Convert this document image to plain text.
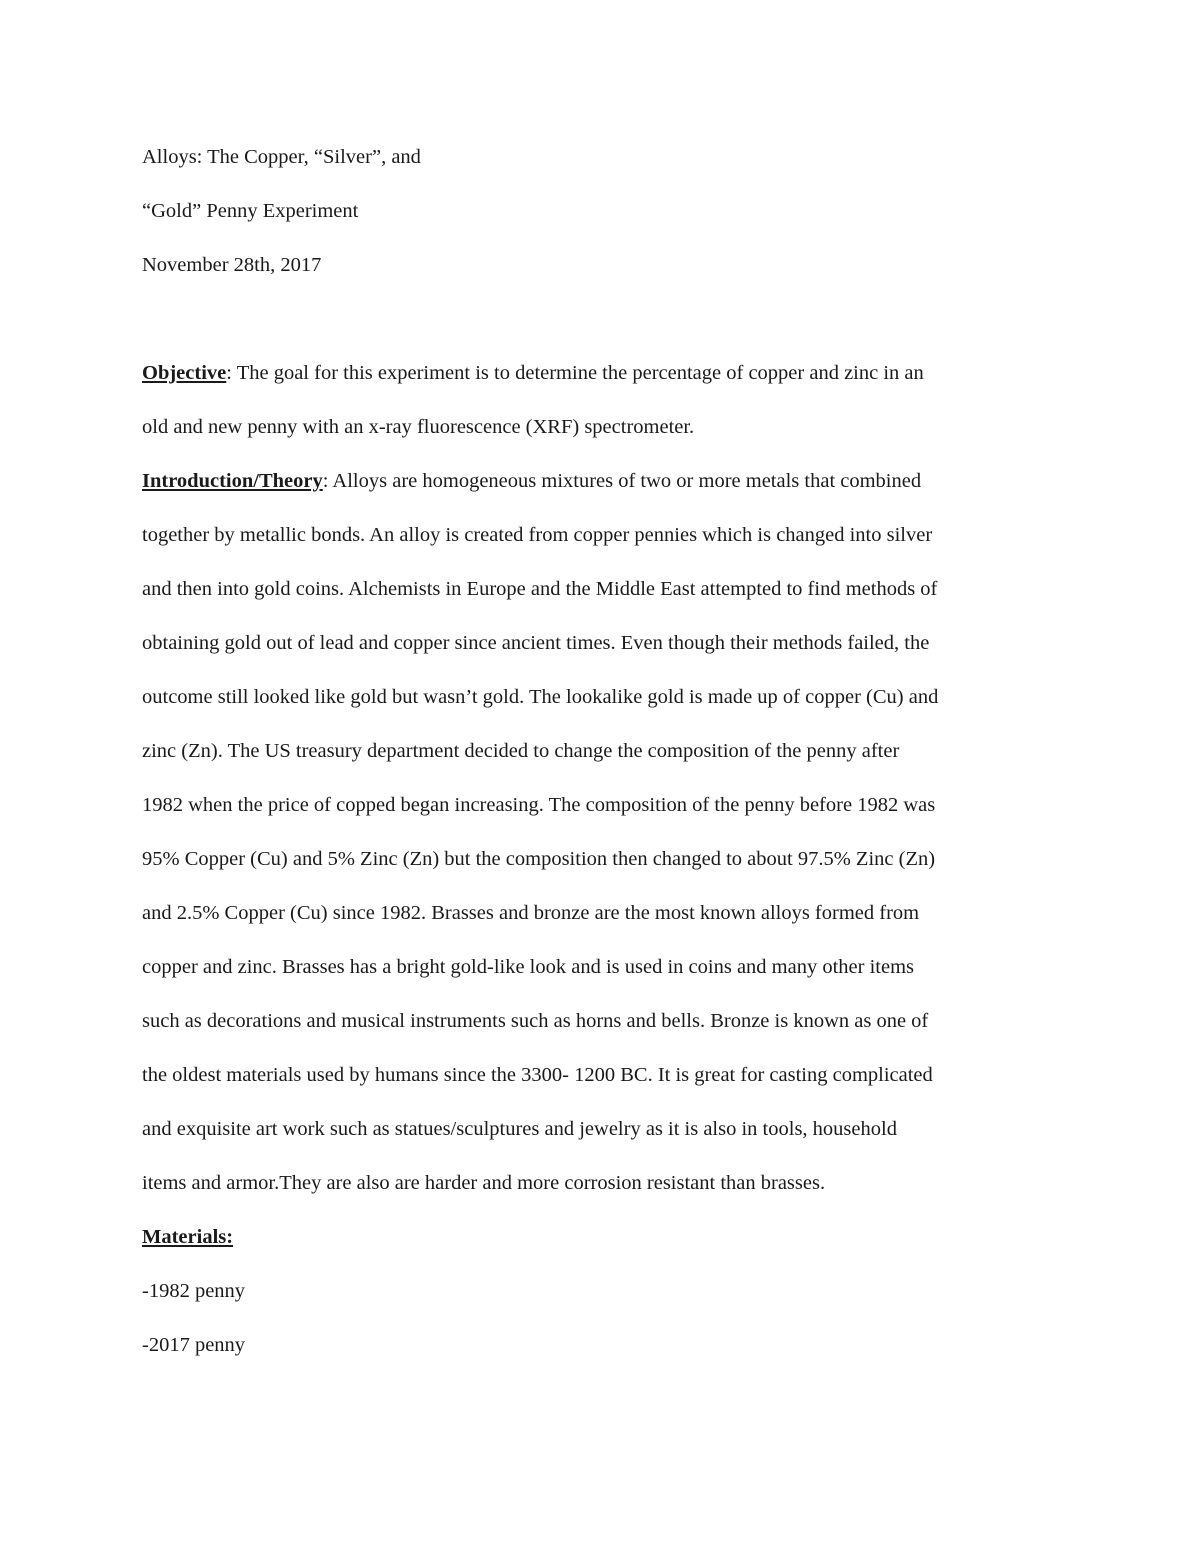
Alloys: The Copper, “Silver”, and
“Gold” Penny Experiment
November 28th, 2017
Objective: The goal for this experiment is to determine the percentage of copper and zinc in an
old and new penny with an x-ray fluorescence (XRF) spectrometer.
Introduction/Theory: Alloys are homogeneous mixtures of two or more metals that combined
together by metallic bonds. An alloy is created from copper pennies which is changed into silver
and then into gold coins. Alchemists in Europe and the Middle East attempted to find methods of
obtaining gold out of lead and copper since ancient times. Even though their methods failed, the
outcome still looked like gold but wasn’t gold. The lookalike gold is made up of copper (Cu) and
zinc (Zn). The US treasury department decided to change the composition of the penny after
1982 when the price of copped began increasing. The composition of the penny before 1982 was
95% Copper (Cu) and 5% Zinc (Zn) but the composition then changed to about 97.5% Zinc (Zn)
and 2.5% Copper (Cu) since 1982. Brasses and bronze are the most known alloys formed from
copper and zinc. Brasses has a bright gold-like look and is used in coins and many other items
such as decorations and musical instruments such as horns and bells. Bronze is known as one of
the oldest materials used by humans since the 3300- 1200 BC. It is great for casting complicated
and exquisite art work such as statues/sculptures and jewelry as it is also in tools, household
items and armor.They are also are harder and more corrosion resistant than brasses.
Materials:
-1982 penny
-2017 penny
